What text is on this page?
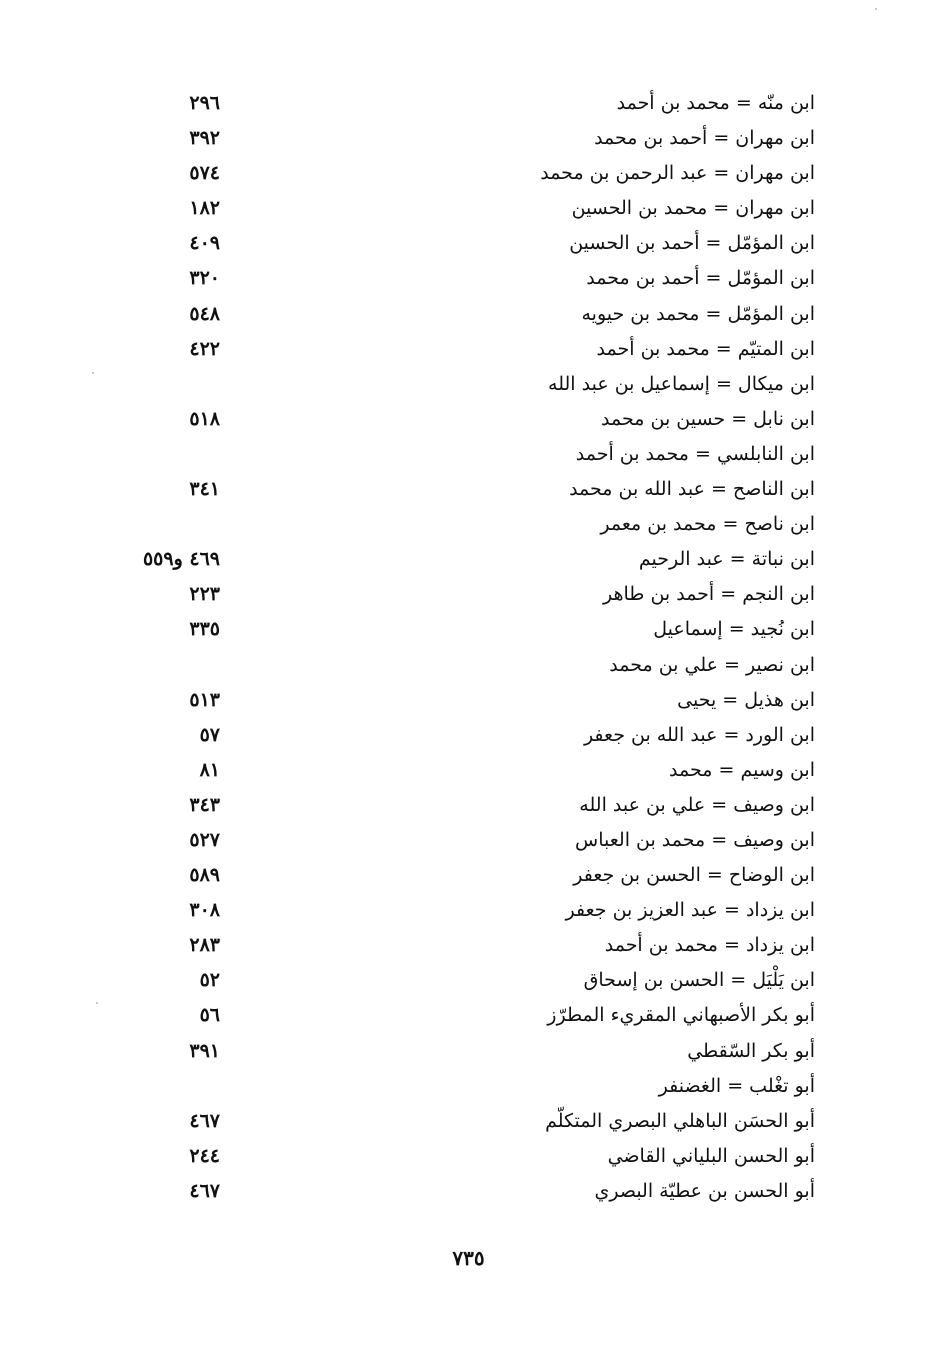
ابن منّه = محمد بن أحمد
٢٩٦
ابن مهران = أحمد بن محمد
٣٩٢
ابن مهران = عبد الرحمن بن محمد
٥٧٤
ابن مهران = محمد بن الحسين
١٨٢
ابن المؤمّل = أحمد بن الحسين
٤٠٩
ابن المؤمّل = أحمد بن محمد
٣٢٠
ابن المؤمّل = محمد بن حيويه
٥٤٨
ابن المتيّم = محمد بن أحمد
٤٢٢
ابن ميكال = إسماعيل بن عبد الله
ابن نابل = حسين بن محمد
٥١٨
ابن النابلسي = محمد بن أحمد
ابن الناصح = عبد الله بن محمد
٣٤١
ابن ناصح = محمد بن معمر
ابن نباتة = عبد الرحيم
٤٦٩ و٥٥٩
ابن النجم = أحمد بن طاهر
٢٢٣
ابن نُجيد = إسماعيل
٣٣٥
ابن نصير = علي بن محمد
ابن هذيل = يحيى
٥١٣
ابن الورد = عبد الله بن جعفر
٥٧
ابن وسيم = محمد
٨١
ابن وصيف = علي بن عبد الله
٣٤٣
ابن وصيف = محمد بن العباس
٥٢٧
ابن الوضاح = الحسن بن جعفر
٥٨٩
ابن يزداد = عبد العزيز بن جعفر
٣٠٨
ابن يزداد = محمد بن أحمد
٢٨٣
ابن يَلْيَل = الحسن بن إسحاق
٥٢
أبو بكر الأصبهاني المقريء المطرّز
٥٦
أبو بكر السّقطي
٣٩١
أبو تغْلب = الغضنفر
أبو الحسَن الباهلي البصري المتكلّم
٤٦٧
أبو الحسن البلياني القاضي
٢٤٤
أبو الحسن بن عطيّة البصري
٤٦٧
٧٣٥
